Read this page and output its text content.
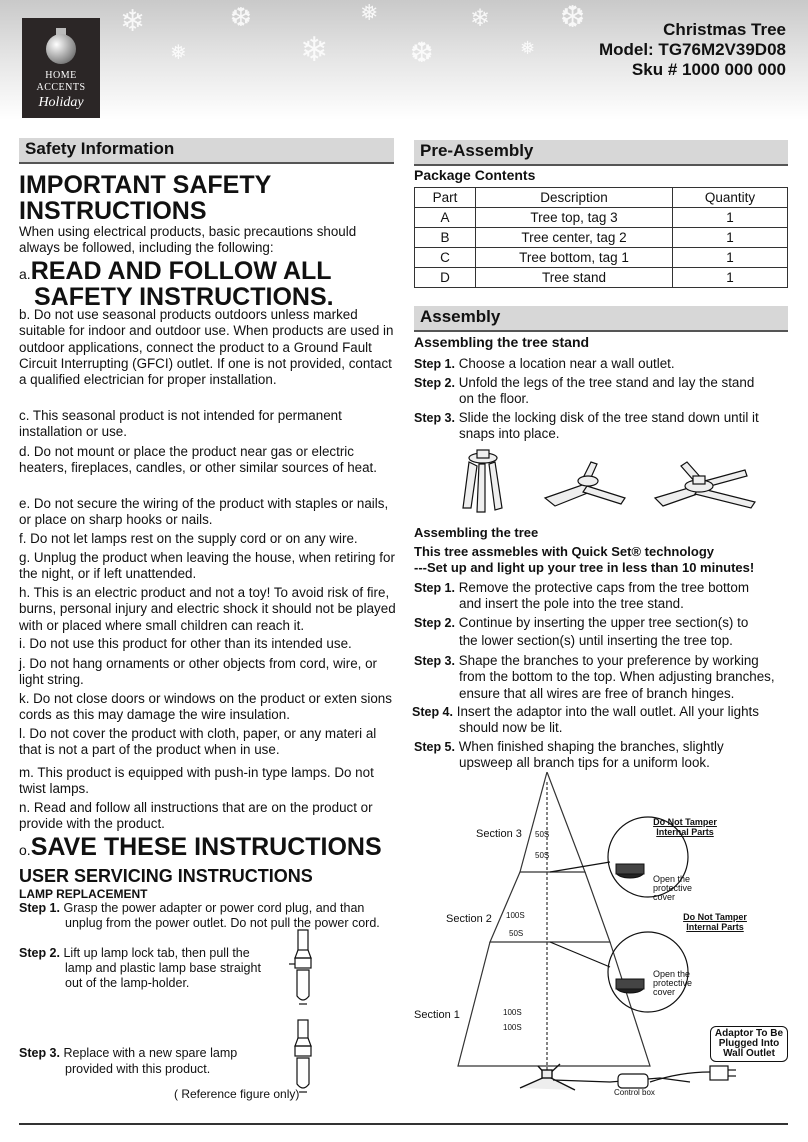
❄
❅
❆
❄
❅
❆
❄
❅
❆
HOME
ACCENTS
Holiday
Christmas Tree
Model: TG76M2V39D08
Sku # 1000 000 000
Safety Information
IMPORTANT SAFETY
INSTRUCTIONS
When using electrical products, basic precautions should always be followed, including the following:
a.READ AND FOLLOW ALL
SAFETY INSTRUCTIONS.
b. Do not use seasonal products outdoors unless marked suitable for indoor and outdoor use. When products are used in outdoor applications, connect the product to a Ground Fault Circuit Interrupting (GFCI) outlet. If one is not provided, contact a qualified electrician for proper installation.
c. This seasonal product is not intended for permanent installation or use.
d. Do not mount or place the product near gas or electric heaters, fireplaces, candles, or other similar sources of heat.
e. Do not secure the wiring of the product with staples or nails, or place on sharp hooks or nails.
f. Do not let lamps rest on the supply cord or on any wire.
g. Unplug the product when leaving the house, when retiring for the night, or if left unattended.
h. This is an electric product and not a toy! To avoid risk of fire, burns, personal injury and electric shock it should not be played with or placed where small children can reach it.
i. Do not use this product for other than its intended use.
j. Do not hang ornaments or other objects from cord, wire, or light string.
k. Do not close doors or windows on the product or exten sions cords as this may damage the wire insulation.
l. Do not cover the product with cloth, paper, or any materi al that is not a part of the product when in use.
m. This product is equipped with push-in type lamps. Do not twist lamps.
n. Read and follow all instructions that are on the product or provide with the product.
o.SAVE THESE INSTRUCTIONS
USER SERVICING INSTRUCTIONS
LAMP REPLACEMENT
Step 1. Grasp the power adapter or power cord plug, and than
unplug from the power outlet. Do not pull the power cord.
Step 2. Lift up lamp lock tab, then pull the
lamp and plastic lamp base straight
out of the lamp-holder.
Step 3. Replace with a new spare lamp
provided with this product.
( Reference figure only)
Pre-Assembly
Package Contents
Part	Description	Quantity
A	Tree top, tag 3	1
B	Tree center, tag 2	1
C	Tree bottom, tag 1	1
D	Tree stand	1
Assembly
Assembling the tree stand
Step 1. Choose a location near a wall outlet.
Step 2. Unfold the legs of the tree stand and lay the stand
on the floor.
Step 3. Slide the locking disk of the tree stand down until it
snaps into place.
Assembling the tree
This tree assmebles with Quick Set® technology
---Set up and light up your tree in less than 10 minutes!
Step 1. Remove the protective caps from the tree bottom
and insert the pole into the tree stand.
Step 2. Continue by inserting the upper tree section(s) to
the lower section(s) until inserting the tree top.
Step 3. Shape the branches to your preference by working
from the bottom to the top. When adjusting branches,
ensure that all wires are free of branch hinges.
Step 4. Insert the adaptor into the wall outlet. All your lights
should now be lit.
Step 5. When finished shaping the branches, slightly
upsweep all branch tips for a uniform look.
Section 3
Section 2
Section 1
50S
50S
100S
50S
100S
100S
Do Not Tamper Internal Parts
Do Not Tamper Internal Parts
Open the protective cover
Open the protective cover
Adaptor To Be Plugged Into Wall Outlet
Control box
